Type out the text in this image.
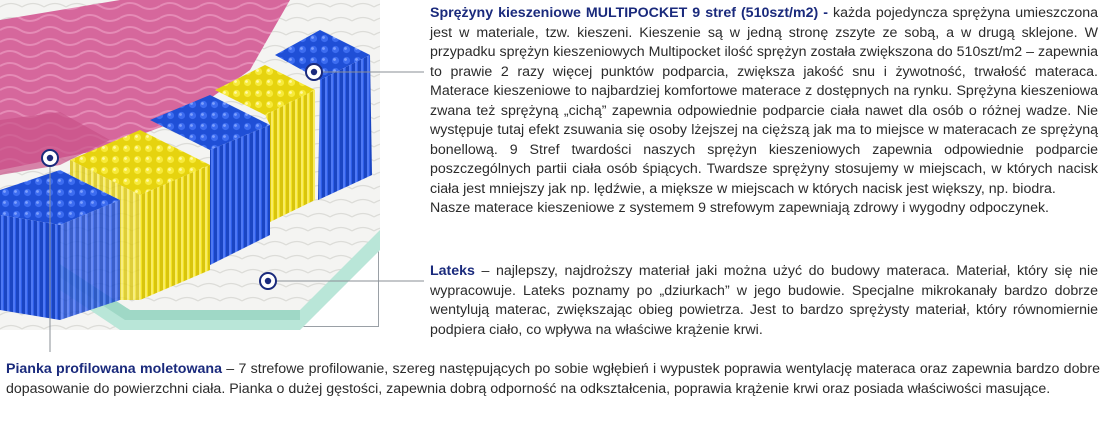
Sprężyny kieszeniowe MULTIPOCKET 9 stref (510szt/m2) - każda pojedyncza sprężyna umieszczona jest w materiale, tzw. kieszeni. Kieszenie są w jedną stronę zszyte ze sobą, a w drugą sklejone. W przypadku sprężyn kieszeniowych Multipocket ilość sprężyn została zwiększona do 510szt/m2 – zapewnia to prawie 2 razy więcej punktów podparcia, zwiększa jakość snu i żywotność, trwałość materaca. Materace kieszeniowe to najbardziej komfortowe materace z dostępnych na rynku. Sprężyna kieszeniowa zwana też sprężyną „cichą” zapewnia odpowiednie podparcie ciała nawet dla osób o różnej wadze. Nie występuje tutaj efekt zsuwania się osoby lżejszej na cięższą jak ma to miejsce w materacach ze sprężyną bonellową. 9 Stref twardości naszych sprężyn kieszeniowych zapewnia odpowiednie podparcie poszczególnych partii ciała osób śpiących. Twardsze sprężyny stosujemy w miejscach, w których nacisk ciała jest mniejszy jak np. lędźwie, a miększe w miejscach w których nacisk jest większy, np. biodra.

Nasze materace kieszeniowe z systemem 9 strefowym zapewniają zdrowy i wygodny odpoczynek.

Lateks – najlepszy, najdroższy materiał jaki można użyć do budowy materaca. Materiał, który się nie wypracowuje. Lateks poznamy po „dziurkach” w jego budowie. Specjalne mikrokanały bardzo dobrze wentylują materac, zwiększając obieg powietrza. Jest to bardzo sprężysty materiał, który równomiernie podpiera ciało, co wpływa na właściwe krążenie krwi.

Pianka profilowana moletowana – 7 strefowe profilowanie, szereg następujących po sobie wgłębień i wypustek poprawia wentylację materaca oraz zapewnia bardzo dobre dopasowanie do powierzchni ciała. Pianka o dużej gęstości, zapewnia dobrą odporność na odkształcenia, poprawia krążenie krwi oraz posiada właściwości masujące.
